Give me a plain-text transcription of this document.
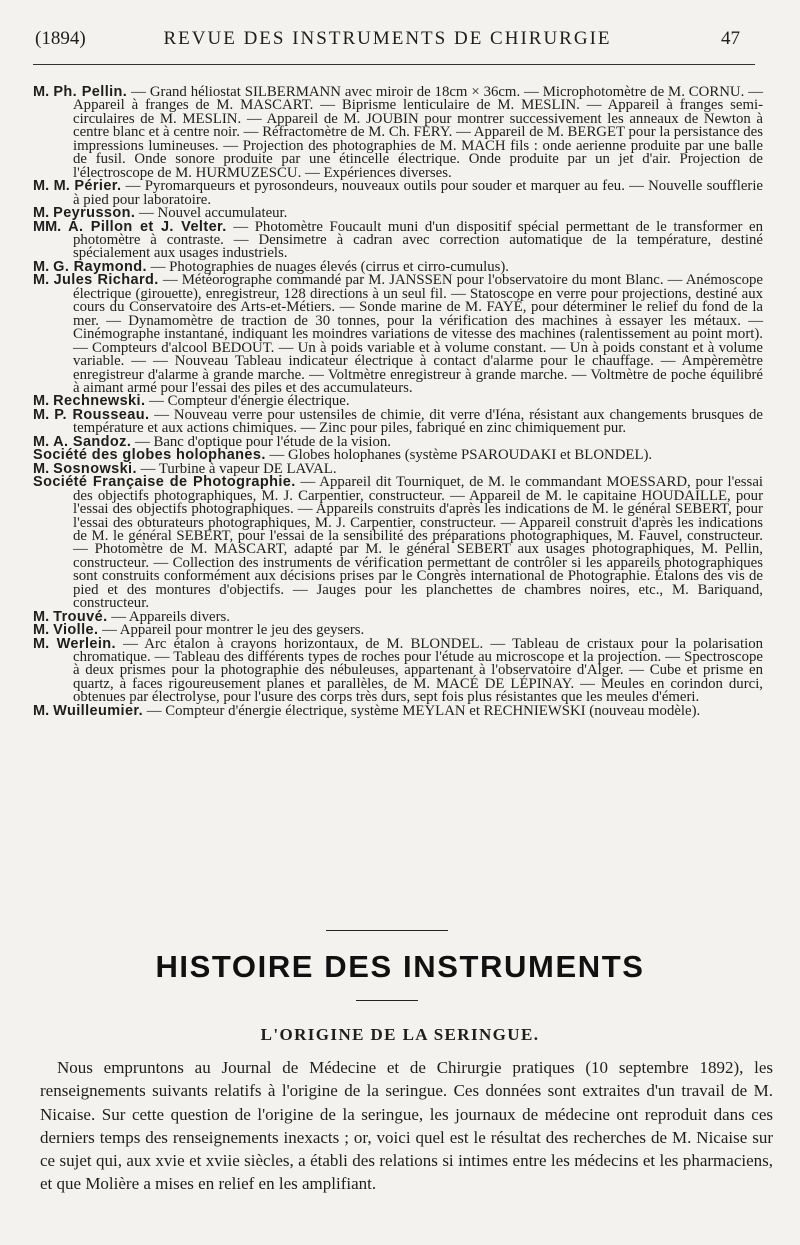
(1894)	REVUE DES INSTRUMENTS DE CHIRURGIE	47

M. Ph. Pellin. — Grand héliostat SILBERMANN avec miroir de 18cm × 36cm. — Microphotomètre de M. CORNU. — Appareil à franges de M. MASCART. — Biprisme lenticulaire de M. MESLIN. — Appareil à franges semi-circulaires de M. MESLIN. — Appareil de M. JOUBIN pour montrer successivement les anneaux de Newton à centre blanc et à centre noir. — Réfractomètre de M. Ch. FERY. — Appareil de M. BERGET pour la persistance des impressions lumineuses. — Projection des photographies de M. MACH fils : onde aerienne produite par une balle de fusil. Onde sonore produite par une étincelle électrique. Onde produite par un jet d'air. Projection de l'électroscope de M. HURMUZESCU. — Expériences diverses.

M. M. Périer. — Pyromarqueurs et pyrosondeurs, nouveaux outils pour souder et marquer au feu. — Nouvelle soufflerie à pied pour laboratoire.

M. Peyrusson. — Nouvel accumulateur.

MM. A. Pillon et J. Velter. — Photomètre Foucault muni d'un dispositif spécial permettant de le transformer en photomètre à contraste. — Densimetre à cadran avec correction automatique de la température, destiné spécialement aux usages industriels.

M. G. Raymond. — Photographies de nuages élevés (cirrus et cirro-cumulus).

M. Jules Richard. — Météorographe commandé par M. JANSSEN pour l'observatoire du mont Blanc. — Anémoscope électrique (girouette), enregistreur, 128 directions à un seul fil. — Statoscope en verre pour projections, destiné aux cours du Conservatoire des Arts-et-Métiers. — Sonde marine de M. FAYÉ, pour déterminer le relief du fond de la mer. — Dynamomètre de traction de 30 tonnes, pour la vérification des machines à essayer les métaux. — Cinémographe instantané, indiquant les moindres variations de vitesse des machines (ralentissement au point mort). — Compteurs d'alcool BEDOUT. — Un à poids variable et à volume constant. — Un à poids constant et à volume variable. — — Nouveau Tableau indicateur électrique à contact d'alarme pour le chauffage. — Ampèremètre enregistreur d'alarme à grande marche. — Voltmètre enregistreur à grande marche. — Voltmètre de poche équilibré à aimant armé pour l'essai des piles et des accumulateurs.

M. Rechnewski. — Compteur d'énergie électrique.

M. P. Rousseau. — Nouveau verre pour ustensiles de chimie, dit verre d'Iéna, résistant aux changements brusques de température et aux actions chimiques. — Zinc pour piles, fabriqué en zinc chimiquement pur.

M. A. Sandoz. — Banc d'optique pour l'étude de la vision.

Société des globes holophanes. — Globes holophanes (système PSAROUDAKI et BLONDEL).

M. Sosnowski. — Turbine à vapeur DE LAVAL.

Société Française de Photographie. — Appareil dit Tourniquet, de M. le commandant MOESSARD, pour l'essai des objectifs photographiques, M. J. Carpentier, constructeur. — Appareil de M. le capitaine HOUDAILLE, pour l'essai des objectifs photographiques. — Appareils construits d'après les indications de M. le général SEBERT, pour l'essai des obturateurs photographiques, M. J. Carpentier, constructeur. — Appareil construit d'après les indications de M. le général SEBERT, pour l'essai de la sensibilité des préparations photographiques, M. Fauvel, constructeur. — Photomètre de M. MASCART, adapté par M. le général SEBERT aux usages photographiques, M. Pellin, constructeur. — Collection des instruments de vérification permettant de contrôler si les appareils photographiques sont construits conformément aux décisions prises par le Congrès international de Photographie. Étalons des vis de pied et des montures d'objectifs. — Jauges pour les planchettes de chambres noires, etc., M. Bariquand, constructeur.

M. Trouvé. — Appareils divers.

M. Violle. — Appareil pour montrer le jeu des geysers.

M. Werlein. — Arc étalon à crayons horizontaux, de M. BLONDEL. — Tableau de cristaux pour la polarisation chromatique. — Tableau des différents types de roches pour l'étude au microscope et la projection. — Spectroscope à deux prismes pour la photographie des nébuleuses, appartenant à l'observatoire d'Alger. — Cube et prisme en quartz, à faces rigoureusement planes et parallèles, de M. MACÉ DE LÉPINAY. — Meules en corindon durci, obtenues par électrolyse, pour l'usure des corps très durs, sept fois plus résistantes que les meules d'émeri.

M. Wuilleumier. — Compteur d'énergie électrique, système MEYLAN et RECHNIEWSKI (nouveau modèle).

HISTOIRE DES INSTRUMENTS
L'ORIGINE DE LA SERINGUE.

Nous empruntons au Journal de Médecine et de Chirurgie pratiques (10 septembre 1892), les renseignements suivants relatifs à l'origine de la seringue. Ces données sont extraites d'un travail de M. Nicaise. Sur cette question de l'origine de la seringue, les journaux de médecine ont reproduit dans ces derniers temps des renseignements inexacts ; or, voici quel est le résultat des recherches de M. Nicaise sur ce sujet qui, aux xvie et xviie siècles, a établi des relations si intimes entre les médecins et les pharmaciens, et que Molière a mises en relief en les amplifiant.
